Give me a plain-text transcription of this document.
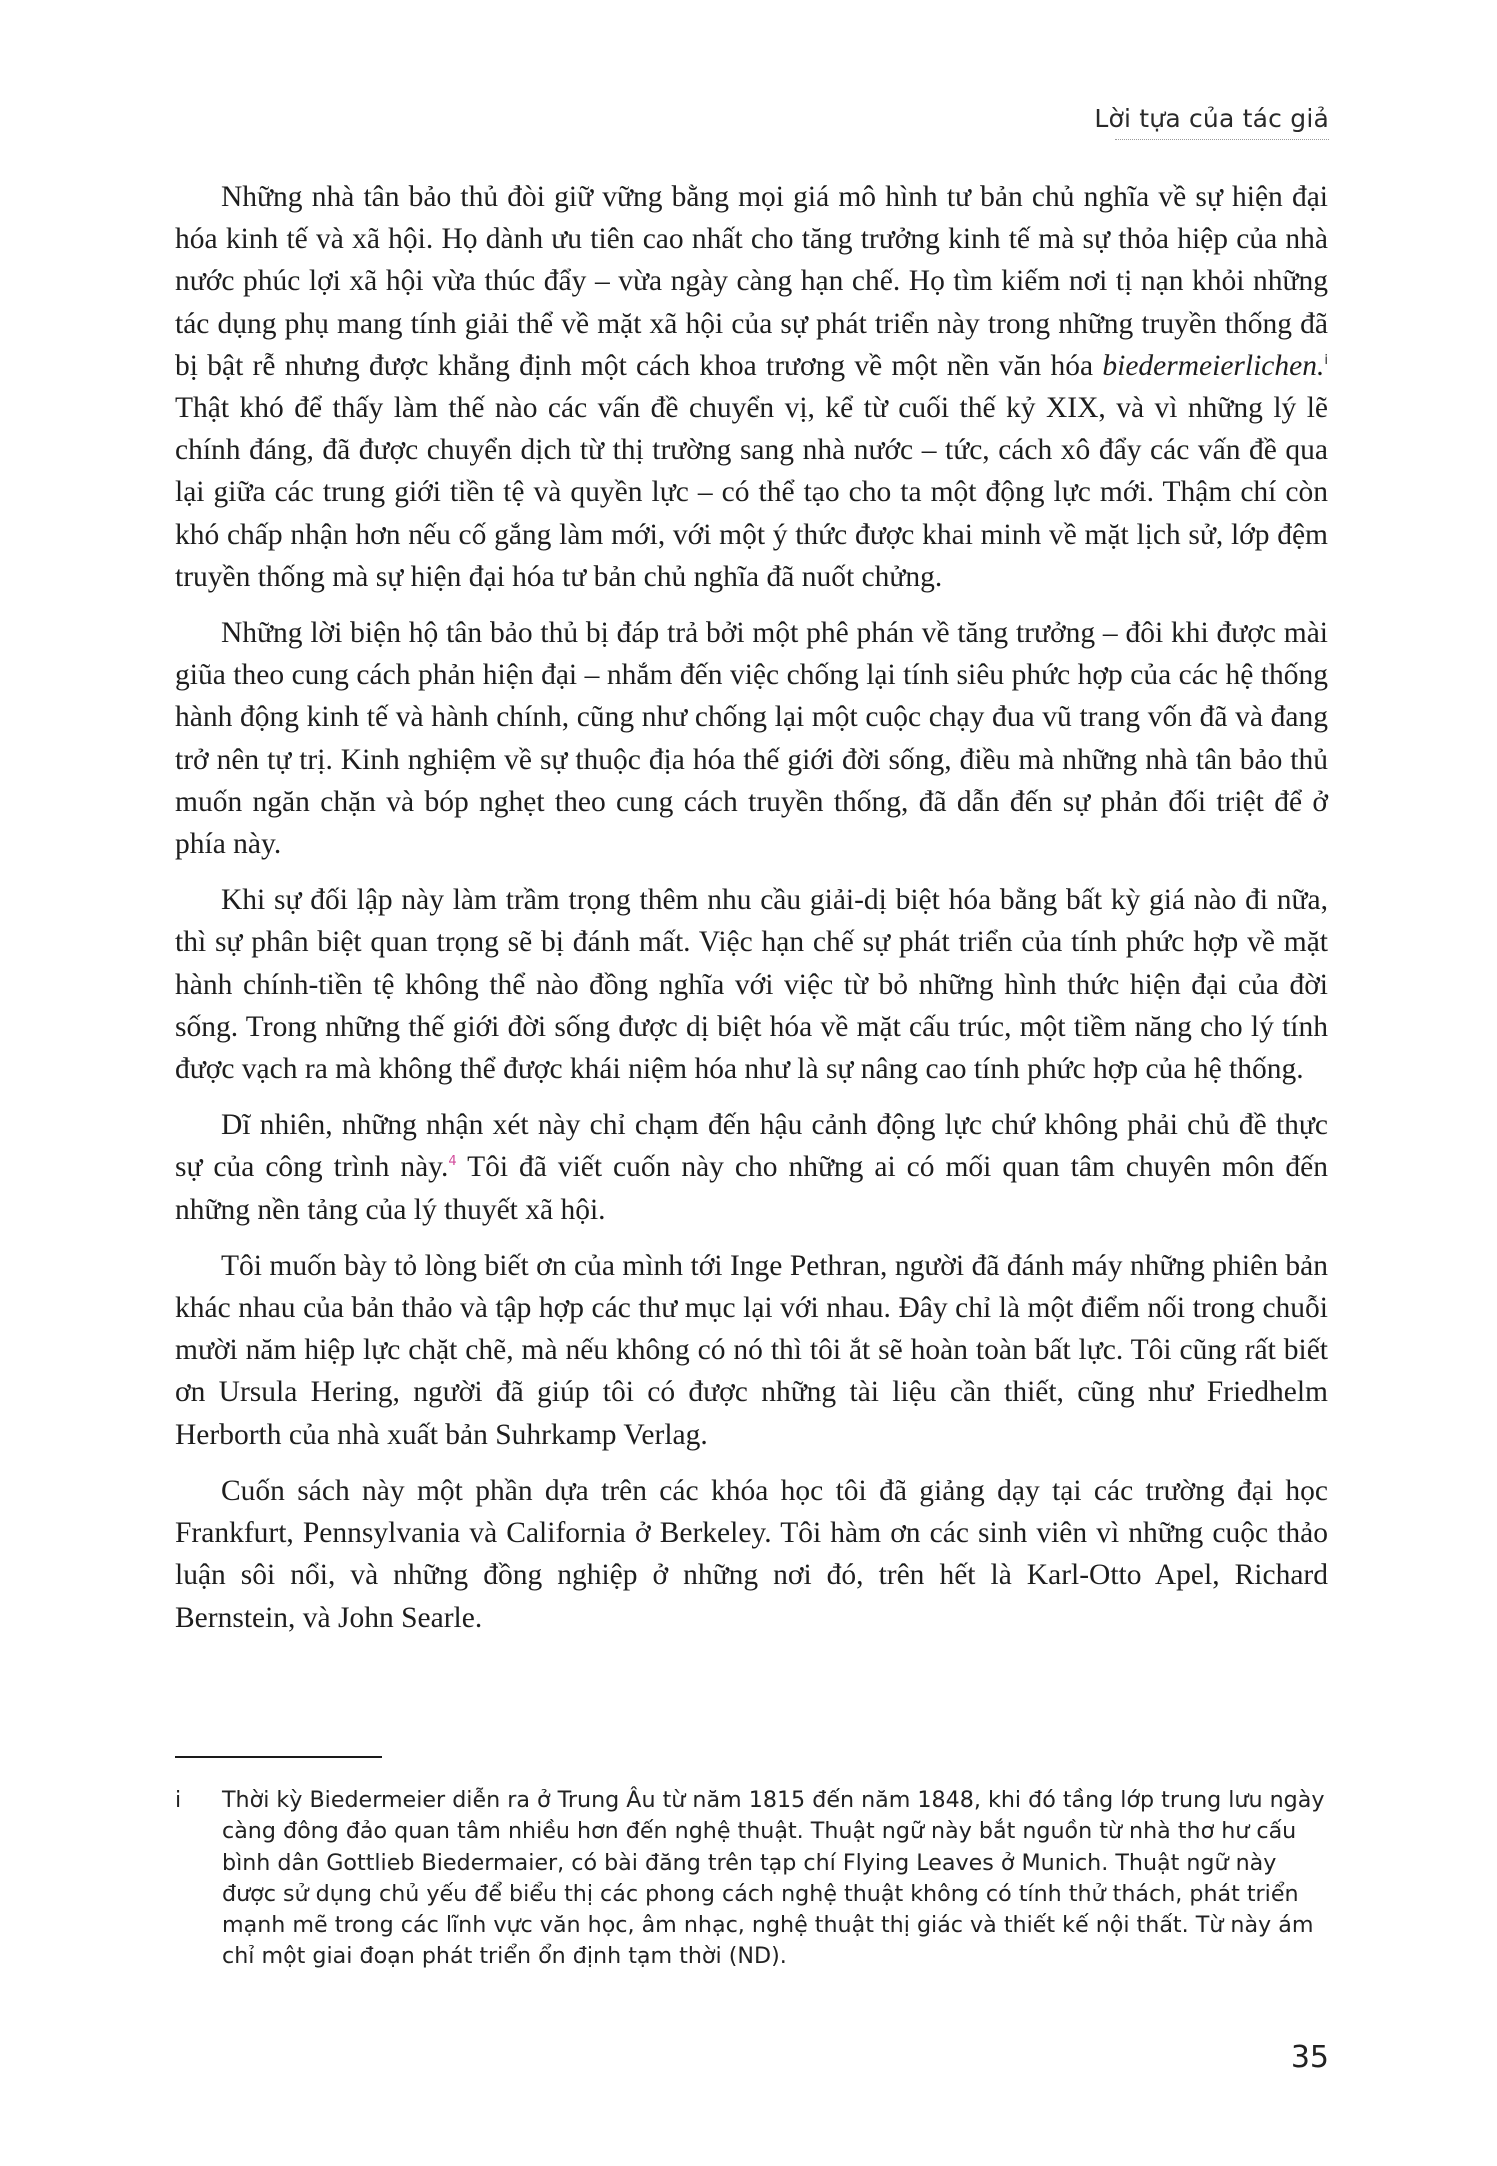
Lời tựa của tác giả

Những nhà tân bảo thủ đòi giữ vững bằng mọi giá mô hình tư bản chủ nghĩa về sự hiện đại hóa kinh tế và xã hội. Họ dành ưu tiên cao nhất cho tăng trưởng kinh tế mà sự thỏa hiệp của nhà nước phúc lợi xã hội vừa thúc đẩy – vừa ngày càng hạn chế. Họ tìm kiếm nơi tị nạn khỏi những tác dụng phụ mang tính giải thể về mặt xã hội của sự phát triển này trong những truyền thống đã bị bật rễ nhưng được khẳng định một cách khoa trương về một nền văn hóa biedermeierlichen.$^i$ Thật khó để thấy làm thế nào các vấn đề chuyển vị, kể từ cuối thế kỷ XIX, và vì những lý lẽ chính đáng, đã được chuyển dịch từ thị trường sang nhà nước – tức, cách xô đẩy các vấn đề qua lại giữa các trung giới tiền tệ và quyền lực – có thể tạo cho ta một động lực mới. Thậm chí còn khó chấp nhận hơn nếu cố gắng làm mới, với một ý thức được khai minh về mặt lịch sử, lớp đệm truyền thống mà sự hiện đại hóa tư bản chủ nghĩa đã nuốt chửng.

Những lời biện hộ tân bảo thủ bị đáp trả bởi một phê phán về tăng trưởng – đôi khi được mài giũa theo cung cách phản hiện đại – nhắm đến việc chống lại tính siêu phức hợp của các hệ thống hành động kinh tế và hành chính, cũng như chống lại một cuộc chạy đua vũ trang vốn đã và đang trở nên tự trị. Kinh nghiệm về sự thuộc địa hóa thế giới đời sống, điều mà những nhà tân bảo thủ muốn ngăn chặn và bóp nghẹt theo cung cách truyền thống, đã dẫn đến sự phản đối triệt để ở phía này.

Khi sự đối lập này làm trầm trọng thêm nhu cầu giải-dị biệt hóa bằng bất kỳ giá nào đi nữa, thì sự phân biệt quan trọng sẽ bị đánh mất. Việc hạn chế sự phát triển của tính phức hợp về mặt hành chính-tiền tệ không thể nào đồng nghĩa với việc từ bỏ những hình thức hiện đại của đời sống. Trong những thế giới đời sống được dị biệt hóa về mặt cấu trúc, một tiềm năng cho lý tính được vạch ra mà không thể được khái niệm hóa như là sự nâng cao tính phức hợp của hệ thống.

Dĩ nhiên, những nhận xét này chỉ chạm đến hậu cảnh động lực chứ không phải chủ đề thực sự của công trình này.$^4$ Tôi đã viết cuốn này cho những ai có mối quan tâm chuyên môn đến những nền tảng của lý thuyết xã hội.

Tôi muốn bày tỏ lòng biết ơn của mình tới Inge Pethran, người đã đánh máy những phiên bản khác nhau của bản thảo và tập hợp các thư mục lại với nhau. Đây chỉ là một điểm nối trong chuỗi mười năm hiệp lực chặt chẽ, mà nếu không có nó thì tôi ắt sẽ hoàn toàn bất lực. Tôi cũng rất biết ơn Ursula Hering, người đã giúp tôi có được những tài liệu cần thiết, cũng như Friedhelm Herborth của nhà xuất bản Suhrkamp Verlag.

Cuốn sách này một phần dựa trên các khóa học tôi đã giảng dạy tại các trường đại học Frankfurt, Pennsylvania và California ở Berkeley. Tôi hàm ơn các sinh viên vì những cuộc thảo luận sôi nổi, và những đồng nghiệp ở những nơi đó, trên hết là Karl-Otto Apel, Richard Bernstein, và John Searle.

i Thời kỳ Biedermeier diễn ra ở Trung Âu từ năm 1815 đến năm 1848, khi đó tầng lớp trung lưu ngày càng đông đảo quan tâm nhiều hơn đến nghệ thuật. Thuật ngữ này bắt nguồn từ nhà thơ hư cấu bình dân Gottlieb Biedermaier, có bài đăng trên tạp chí Flying Leaves ở Munich. Thuật ngữ này được sử dụng chủ yếu để biểu thị các phong cách nghệ thuật không có tính thử thách, phát triển mạnh mẽ trong các lĩnh vực văn học, âm nhạc, nghệ thuật thị giác và thiết kế nội thất. Từ này ám chỉ một giai đoạn phát triển ổn định tạm thời (ND).
35
